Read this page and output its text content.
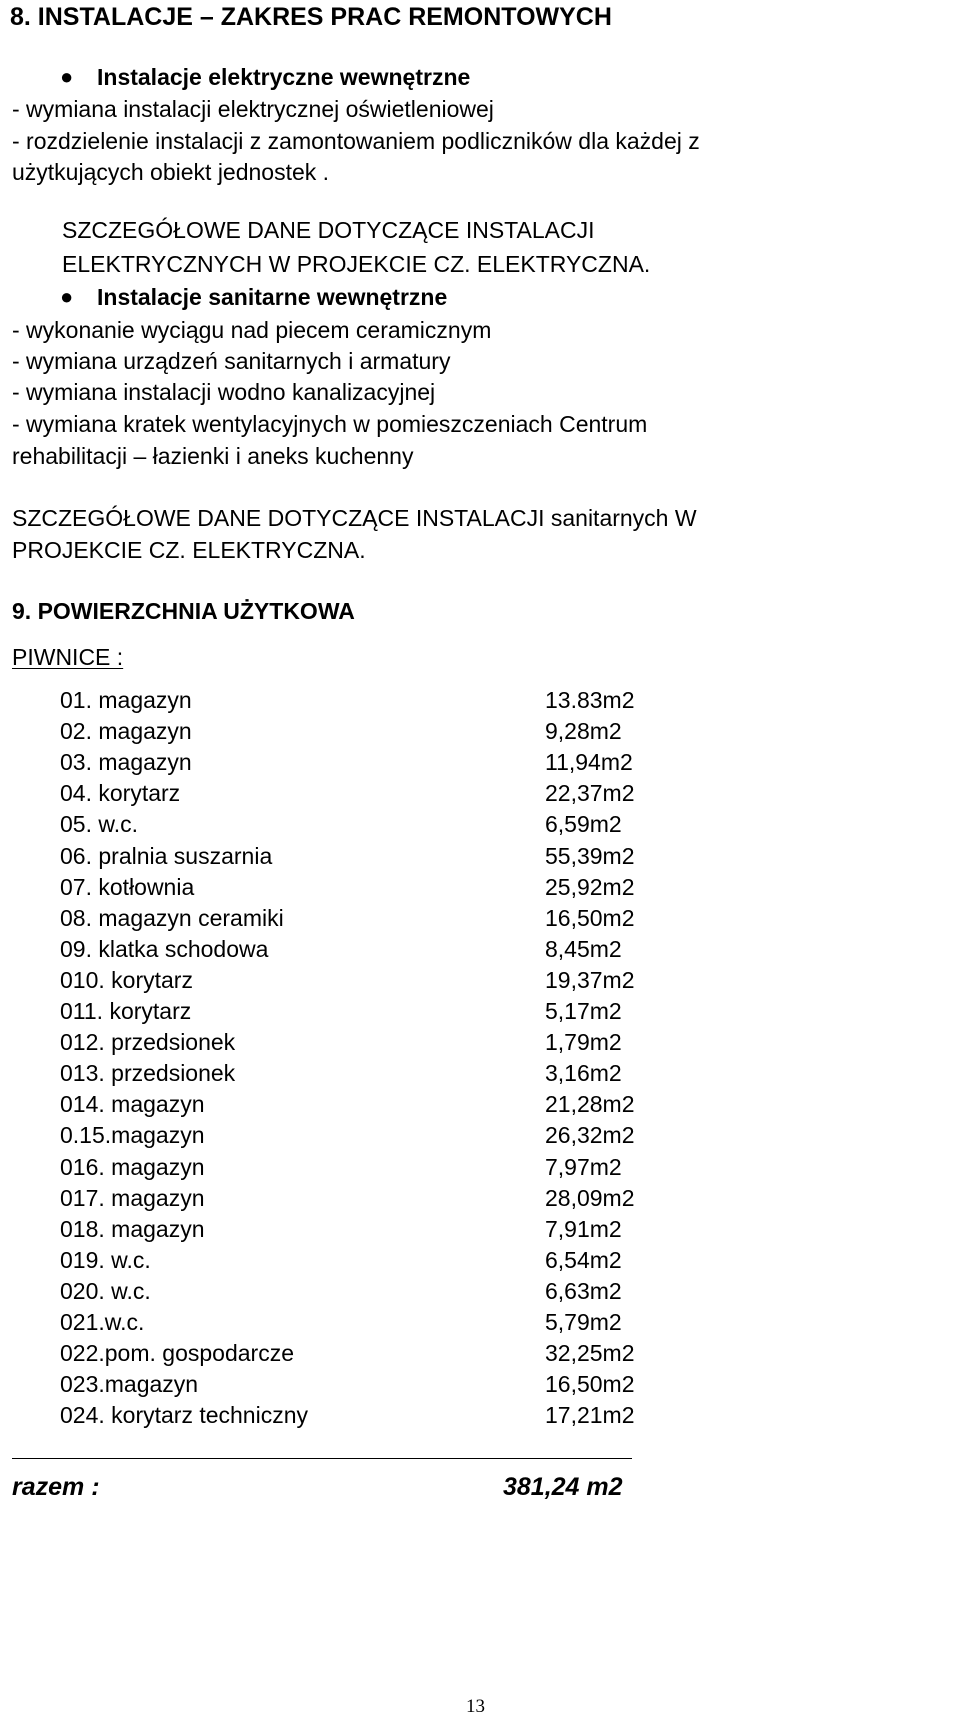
8. INSTALACJE – ZAKRES PRAC REMONTOWYCH
● Instalacje elektryczne wewnętrzne
- wymiana instalacji elektrycznej oświetleniowej
- rozdzielenie instalacji z zamontowaniem podliczników dla każdej z
użytkujących obiekt jednostek .
SZCZEGÓŁOWE DANE DOTYCZĄCE INSTALACJI
ELEKTRYCZNYCH W PROJEKCIE CZ. ELEKTRYCZNA.
● Instalacje sanitarne wewnętrzne
- wykonanie wyciągu nad piecem ceramicznym
- wymiana urządzeń sanitarnych i armatury
- wymiana instalacji wodno kanalizacyjnej
- wymiana kratek wentylacyjnych w pomieszczeniach Centrum
rehabilitacji – łazienki i aneks kuchenny
SZCZEGÓŁOWE DANE DOTYCZĄCE INSTALACJI sanitarnych W
PROJEKCIE CZ. ELEKTRYCZNA.
9. POWIERZCHNIA UŻYTKOWA
PIWNICE :
01. magazyn	13.83m2
02. magazyn	9,28m2
03. magazyn	11,94m2
04. korytarz	22,37m2
05. w.c.	6,59m2
06. pralnia suszarnia	55,39m2
07. kotłownia	25,92m2
08. magazyn ceramiki	16,50m2
09. klatka schodowa	8,45m2
010. korytarz	19,37m2
011. korytarz	5,17m2
012. przedsionek	1,79m2
013. przedsionek	3,16m2
014. magazyn	21,28m2
0.15.magazyn	26,32m2
016. magazyn	7,97m2
017. magazyn	28,09m2
018. magazyn	7,91m2
019. w.c.	6,54m2
020. w.c.	6,63m2
021.w.c.	5,79m2
022.pom. gospodarcze	32,25m2
023.magazyn	16,50m2
024. korytarz techniczny	17,21m2
razem :	381,24 m2
13
